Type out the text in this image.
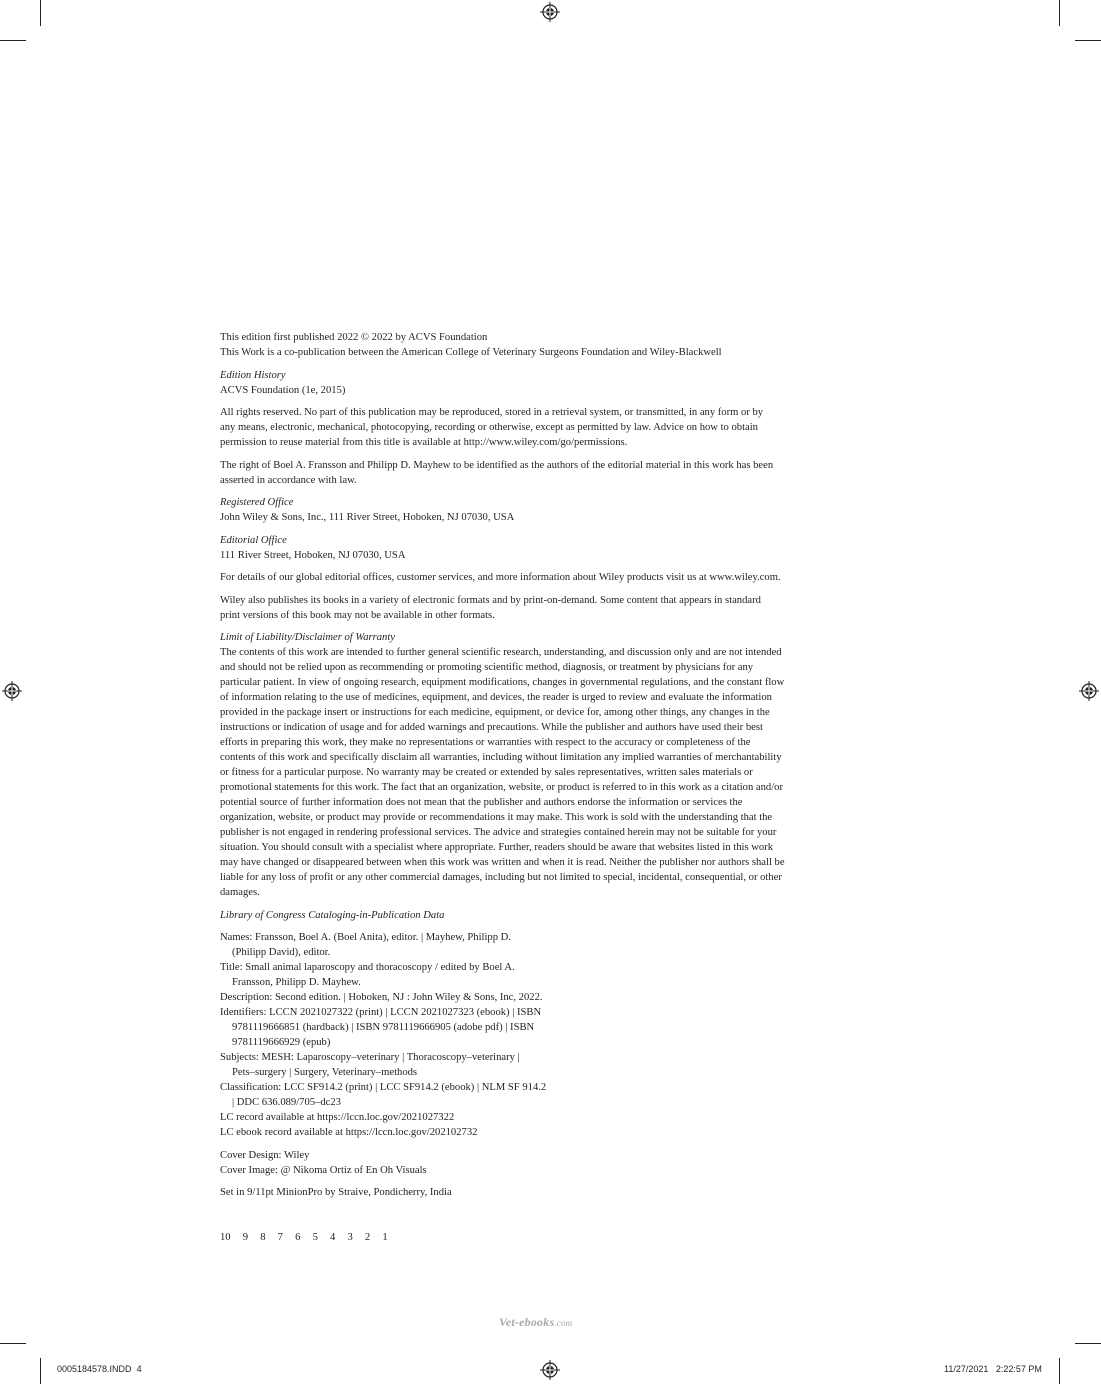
This edition first published 2022 © 2022 by ACVS Foundation
This Work is a co-publication between the American College of Veterinary Surgeons Foundation and Wiley-Blackwell
Edition History
ACVS Foundation (1e, 2015)
All rights reserved. No part of this publication may be reproduced, stored in a retrieval system, or transmitted, in any form or by
any means, electronic, mechanical, photocopying, recording or otherwise, except as permitted by law. Advice on how to obtain
permission to reuse material from this title is available at http://www.wiley.com/go/permissions.
The right of Boel A. Fransson and Philipp D. Mayhew to be identified as the authors of the editorial material in this work has been
asserted in accordance with law.
Registered Office
John Wiley & Sons, Inc., 111 River Street, Hoboken, NJ 07030, USA
Editorial Office
111 River Street, Hoboken, NJ 07030, USA
For details of our global editorial offices, customer services, and more information about Wiley products visit us at www.wiley.com.
Wiley also publishes its books in a variety of electronic formats and by print-on-demand. Some content that appears in standard
print versions of this book may not be available in other formats.
Limit of Liability/Disclaimer of Warranty
The contents of this work are intended to further general scientific research, understanding, and discussion only and are not intended
and should not be relied upon as recommending or promoting scientific method, diagnosis, or treatment by physicians for any
particular patient. In view of ongoing research, equipment modifications, changes in governmental regulations, and the constant flow
of information relating to the use of medicines, equipment, and devices, the reader is urged to review and evaluate the information
provided in the package insert or instructions for each medicine, equipment, or device for, among other things, any changes in the
instructions or indication of usage and for added warnings and precautions. While the publisher and authors have used their best
efforts in preparing this work, they make no representations or warranties with respect to the accuracy or completeness of the
contents of this work and specifically disclaim all warranties, including without limitation any implied warranties of merchantability
or fitness for a particular purpose. No warranty may be created or extended by sales representatives, written sales materials or
promotional statements for this work. The fact that an organization, website, or product is referred to in this work as a citation and/or
potential source of further information does not mean that the publisher and authors endorse the information or services the
organization, website, or product may provide or recommendations it may make. This work is sold with the understanding that the
publisher is not engaged in rendering professional services. The advice and strategies contained herein may not be suitable for your
situation. You should consult with a specialist where appropriate. Further, readers should be aware that websites listed in this work
may have changed or disappeared between when this work was written and when it is read. Neither the publisher nor authors shall be
liable for any loss of profit or any other commercial damages, including but not limited to special, incidental, consequential, or other
damages.
Library of Congress Cataloging-in-Publication Data
Names: Fransson, Boel A. (Boel Anita), editor. | Mayhew, Philipp D.
(Philipp David), editor.
Title: Small animal laparoscopy and thoracoscopy / edited by Boel A.
Fransson, Philipp D. Mayhew.
Description: Second edition. | Hoboken, NJ : John Wiley & Sons, Inc, 2022.
Identifiers: LCCN 2021027322 (print) | LCCN 2021027323 (ebook) | ISBN
9781119666851 (hardback) | ISBN 9781119666905 (adobe pdf) | ISBN
9781119666929 (epub)
Subjects: MESH: Laparoscopy–veterinary | Thoracoscopy–veterinary |
Pets–surgery | Surgery, Veterinary–methods
Classification: LCC SF914.2 (print) | LCC SF914.2 (ebook) | NLM SF 914.2
| DDC 636.089/705–dc23
LC record available at https://lccn.loc.gov/2021027322
LC ebook record available at https://lccn.loc.gov/202102732
Cover Design: Wiley
Cover Image: @ Nikoma Ortiz of En Oh Visuals
Set in 9/11pt MinionPro by Straive, Pondicherry, India
10 9 8 7 6 5 4 3 2 1
Vet-ebooks.com
0005184578.INDD 4	11/27/2021   2:22:57 PM
